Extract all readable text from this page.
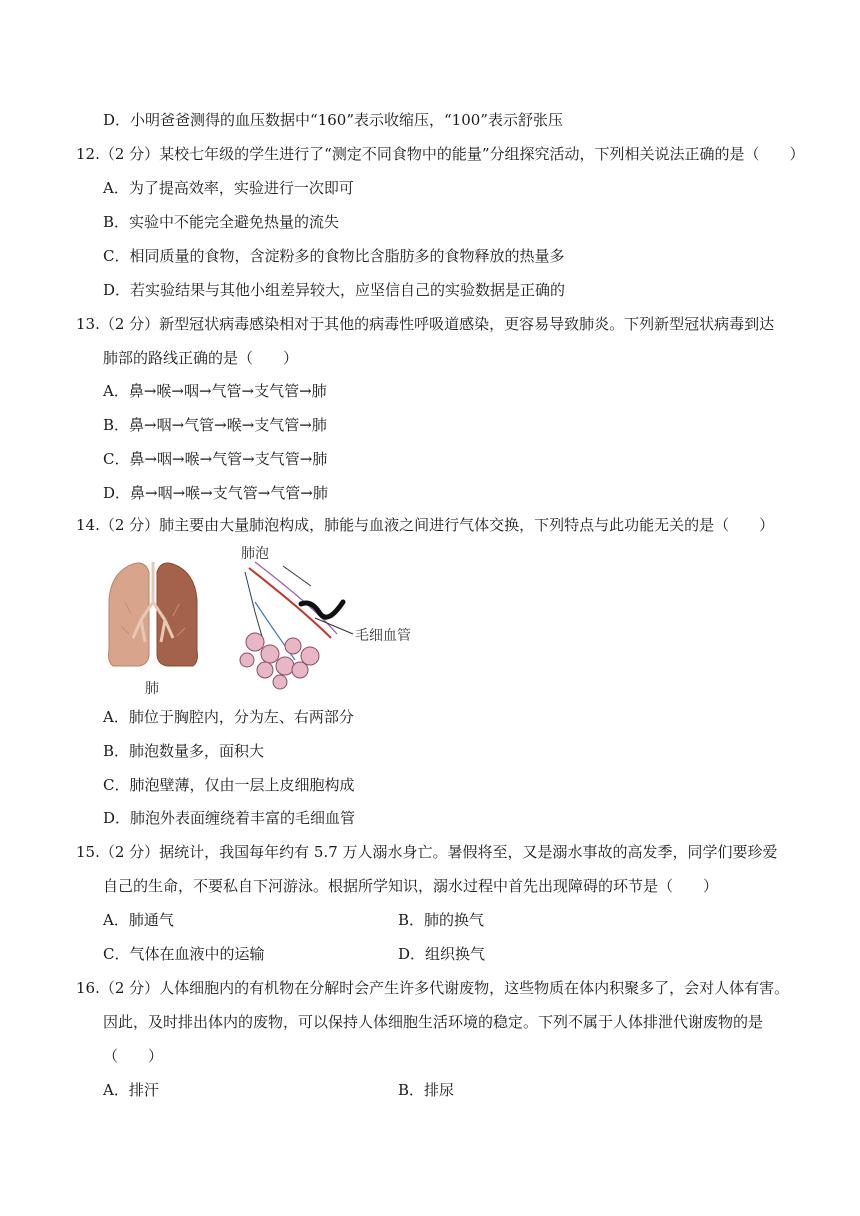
D．小明爸爸测得的血压数据中“160”表示收缩压，“100”表示舒张压
12.（2 分）某校七年级的学生进行了“测定不同食物中的能量”分组探究活动，下列相关说法正确的是（　　）
A．为了提高效率，实验进行一次即可
B．实验中不能完全避免热量的流失
C．相同质量的食物，含淀粉多的食物比含脂肪多的食物释放的热量多
D．若实验结果与其他小组差异较大，应坚信自己的实验数据是正确的
13.（2 分）新型冠状病毒感染相对于其他的病毒性呼吸道感染，更容易导致肺炎。下列新型冠状病毒到达
肺部的路线正确的是（　　）
A．鼻→喉→咽→气管→支气管→肺
B．鼻→咽→气管→喉→支气管→肺
C．鼻→咽→喉→气管→支气管→肺
D．鼻→咽→喉→支气管→气管→肺
14.（2 分）肺主要由大量肺泡构成，肺能与血液之间进行气体交换，下列特点与此功能无关的是（　　）
肺
肺泡
毛细血管
A．肺位于胸腔内，分为左、右两部分
B．肺泡数量多，面积大
C．肺泡壁薄，仅由一层上皮细胞构成
D．肺泡外表面缠绕着丰富的毛细血管
15.（2 分）据统计，我国每年约有 5.7 万人溺水身亡。暑假将至，又是溺水事故的高发季，同学们要珍爱
自己的生命，不要私自下河游泳。根据所学知识，溺水过程中首先出现障碍的环节是（　　）
A．肺通气	B．肺的换气
C．气体在血液中的运输	D．组织换气
16.（2 分）人体细胞内的有机物在分解时会产生许多代谢废物，这些物质在体内积聚多了，会对人体有害。
因此，及时排出体内的废物，可以保持人体细胞生活环境的稳定。下列不属于人体排泄代谢废物的是
（　　）
A．排汗	B．排尿
